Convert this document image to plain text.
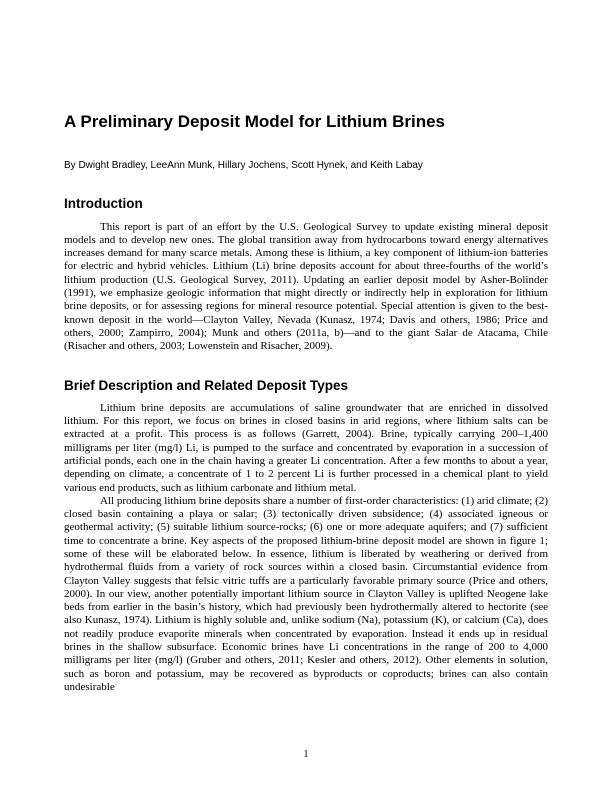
A Preliminary Deposit Model for Lithium Brines

By Dwight Bradley, LeeAnn Munk, Hillary Jochens, Scott Hynek, and Keith Labay

Introduction

This report is part of an effort by the U.S. Geological Survey to update existing mineral deposit models and to develop new ones. The global transition away from hydrocarbons toward energy alternatives increases demand for many scarce metals. Among these is lithium, a key component of lithium-ion batteries for electric and hybrid vehicles. Lithium (Li) brine deposits account for about three-fourths of the world’s lithium production (U.S. Geological Survey, 2011). Updating an earlier deposit model by Asher-Bolinder (1991), we emphasize geologic information that might directly or indirectly help in exploration for lithium brine deposits, or for assessing regions for mineral resource potential. Special attention is given to the best-known deposit in the world—Clayton Valley, Nevada (Kunasz, 1974; Davis and others, 1986; Price and others, 2000; Zampirro, 2004); Munk and others (2011a, b)—and to the giant Salar de Atacama, Chile (Risacher and others, 2003; Lowenstein and Risacher, 2009).

Brief Description and Related Deposit Types

Lithium brine deposits are accumulations of saline groundwater that are enriched in dissolved lithium. For this report, we focus on brines in closed basins in arid regions, where lithium salts can be extracted at a profit. This process is as follows (Garrett, 2004). Brine, typically carrying 200–1,400 milligrams per liter (mg/l) Li, is pumped to the surface and concentrated by evaporation in a succession of artificial ponds, each one in the chain having a greater Li concentration. After a few months to about a year, depending on climate, a concentrate of 1 to 2 percent Li is further processed in a chemical plant to yield various end products, such as lithium carbonate and lithium metal.

All producing lithium brine deposits share a number of first-order characteristics: (1) arid climate; (2) closed basin containing a playa or salar; (3) tectonically driven subsidence; (4) associated igneous or geothermal activity; (5) suitable lithium source-rocks; (6) one or more adequate aquifers; and (7) sufficient time to concentrate a brine. Key aspects of the proposed lithium-brine deposit model are shown in figure 1; some of these will be elaborated below. In essence, lithium is liberated by weathering or derived from hydrothermal fluids from a variety of rock sources within a closed basin. Circumstantial evidence from Clayton Valley suggests that felsic vitric tuffs are a particularly favorable primary source (Price and others, 2000). In our view, another potentially important lithium source in Clayton Valley is uplifted Neogene lake beds from earlier in the basin’s history, which had previously been hydrothermally altered to hectorite (see also Kunasz, 1974). Lithium is highly soluble and, unlike sodium (Na), potassium (K), or calcium (Ca), does not readily produce evaporite minerals when concentrated by evaporation. Instead it ends up in residual brines in the shallow subsurface. Economic brines have Li concentrations in the range of 200 to 4,000 milligrams per liter (mg/l) (Gruber and others, 2011; Kesler and others, 2012). Other elements in solution, such as boron and potassium, may be recovered as byproducts or coproducts; brines can also contain undesirable

1
